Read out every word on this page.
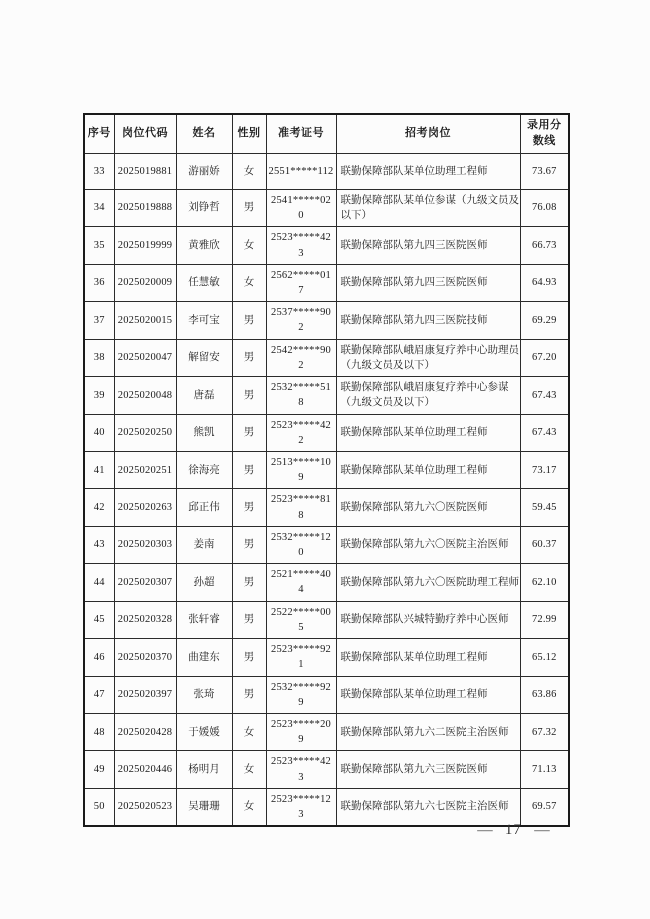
序号	岗位代码	姓名	性别	准考证号	招考岗位	录用分数线
33	2025019881	游丽娇	女	2551*****112	联勤保障部队某单位助理工程师	73.67
34	2025019888	刘铮哲	男	2541*****020	联勤保障部队某单位参谋（九级文员及以下）	76.08
35	2025019999	黄雅欣	女	2523*****423	联勤保障部队第九四三医院医师	66.73
36	2025020009	任慧敏	女	2562*****017	联勤保障部队第九四三医院医师	64.93
37	2025020015	李可宝	男	2537*****902	联勤保障部队第九四三医院技师	69.29
38	2025020047	解留安	男	2542*****902	联勤保障部队峨眉康复疗养中心助理员（九级文员及以下）	67.20
39	2025020048	唐磊	男	2532*****518	联勤保障部队峨眉康复疗养中心参谋（九级文员及以下）	67.43
40	2025020250	熊凯	男	2523*****422	联勤保障部队某单位助理工程师	67.43
41	2025020251	徐海亮	男	2513*****109	联勤保障部队某单位助理工程师	73.17
42	2025020263	邱正伟	男	2523*****818	联勤保障部队第九六〇医院医师	59.45
43	2025020303	姜南	男	2532*****120	联勤保障部队第九六〇医院主治医师	60.37
44	2025020307	孙超	男	2521*****404	联勤保障部队第九六〇医院助理工程师	62.10
45	2025020328	张轩睿	男	2522*****005	联勤保障部队兴城特勤疗养中心医师	72.99
46	2025020370	曲建东	男	2523*****921	联勤保障部队某单位助理工程师	65.12
47	2025020397	张琦	男	2532*****929	联勤保障部队某单位助理工程师	63.86
48	2025020428	于媛媛	女	2523*****209	联勤保障部队第九六二医院主治医师	67.32
49	2025020446	杨明月	女	2523*****423	联勤保障部队第九六三医院医师	71.13
50	2025020523	吴珊珊	女	2523*****123	联勤保障部队第九六七医院主治医师	69.57
— 17 —
